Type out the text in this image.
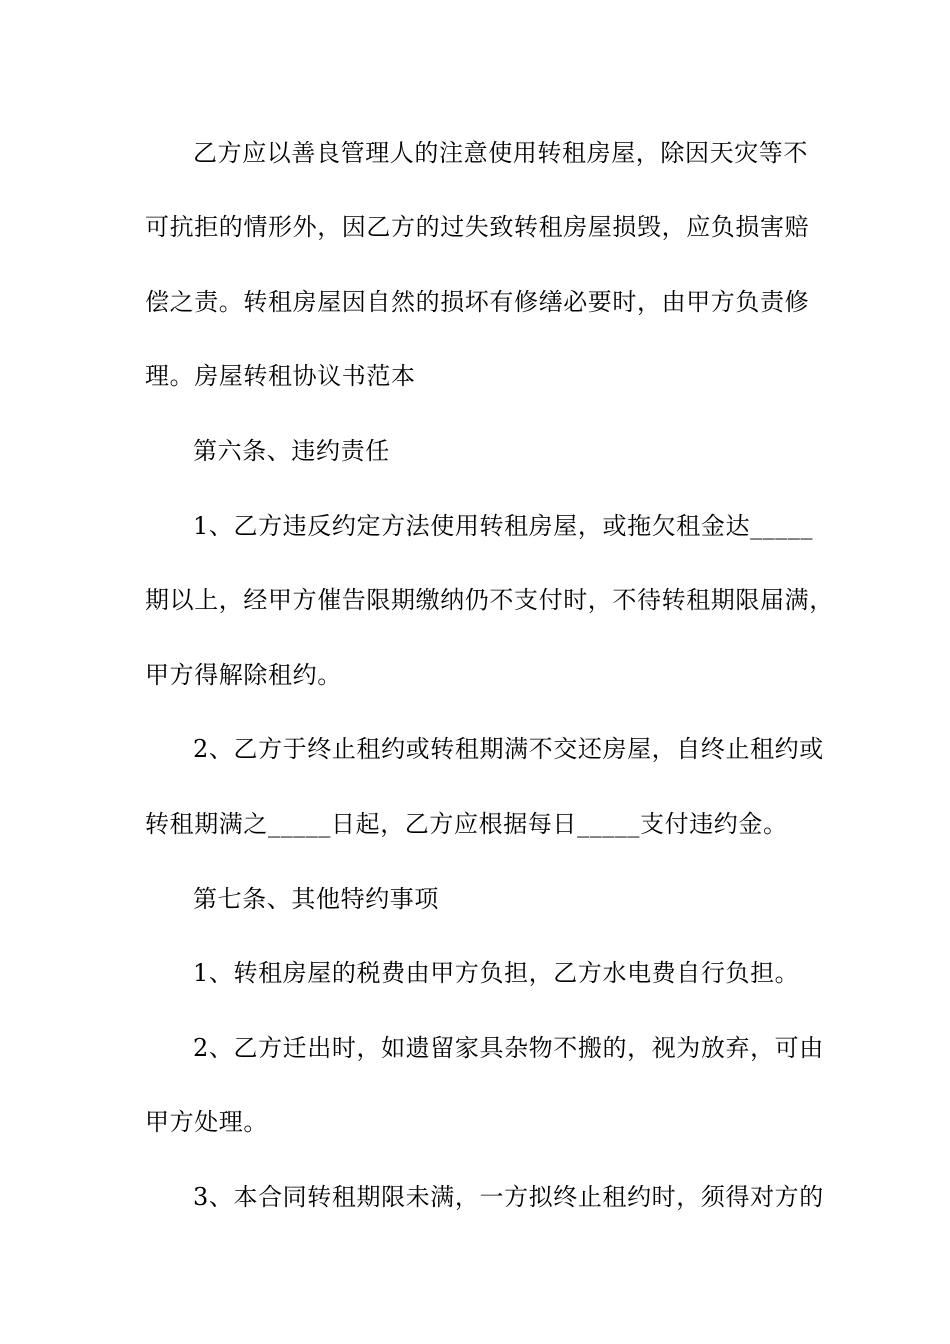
乙方应以善良管理人的注意使用转租房屋，除因天灾等不
可抗拒的情形外，因乙方的过失致转租房屋损毁，应负损害赔
偿之责。转租房屋因自然的损坏有修缮必要时，由甲方负责修
理。房屋转租协议书范本
第六条、违约责任
1、乙方违反约定方法使用转租房屋，或拖欠租金达_____
期以上，经甲方催告限期缴纳仍不支付时，不待转租期限届满，
甲方得解除租约。
2、乙方于终止租约或转租期满不交还房屋，自终止租约或
转租期满之_____日起，乙方应根据每日_____支付违约金。
第七条、其他特约事项
1、转租房屋的税费由甲方负担，乙方水电费自行负担。
2、乙方迁出时，如遗留家具杂物不搬的，视为放弃，可由
甲方处理。
3、本合同转租期限未满，一方拟终止租约时，须得对方的
